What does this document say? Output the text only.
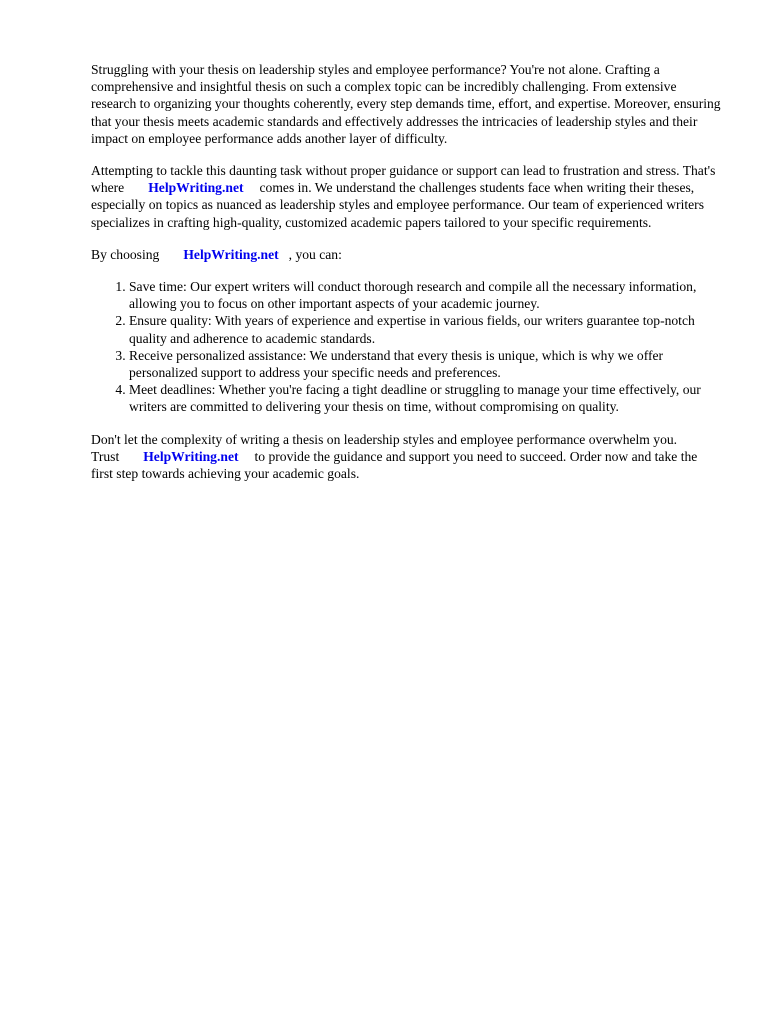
Struggling with your thesis on leadership styles and employee performance? You're not alone. Crafting a comprehensive and insightful thesis on such a complex topic can be incredibly challenging. From extensive research to organizing your thoughts coherently, every step demands time, effort, and expertise. Moreover, ensuring that your thesis meets academic standards and effectively addresses the intricacies of leadership styles and their impact on employee performance adds another layer of difficulty.

Attempting to tackle this daunting task without proper guidance or support can lead to frustration and stress. That's where HelpWriting.net comes in. We understand the challenges students face when writing their theses, especially on topics as nuanced as leadership styles and employee performance. Our team of experienced writers specializes in crafting high-quality, customized academic papers tailored to your specific requirements.

By choosing HelpWriting.net , you can:

1. Save time: Our expert writers will conduct thorough research and compile all the necessary information, allowing you to focus on other important aspects of your academic journey.
2. Ensure quality: With years of experience and expertise in various fields, our writers guarantee top-notch quality and adherence to academic standards.
3. Receive personalized assistance: We understand that every thesis is unique, which is why we offer personalized support to address your specific needs and preferences.
4. Meet deadlines: Whether you're facing a tight deadline or struggling to manage your time effectively, our writers are committed to delivering your thesis on time, without compromising on quality.

Don't let the complexity of writing a thesis on leadership styles and employee performance overwhelm you. Trust HelpWriting.net to provide the guidance and support you need to succeed. Order now and take the first step towards achieving your academic goals.
